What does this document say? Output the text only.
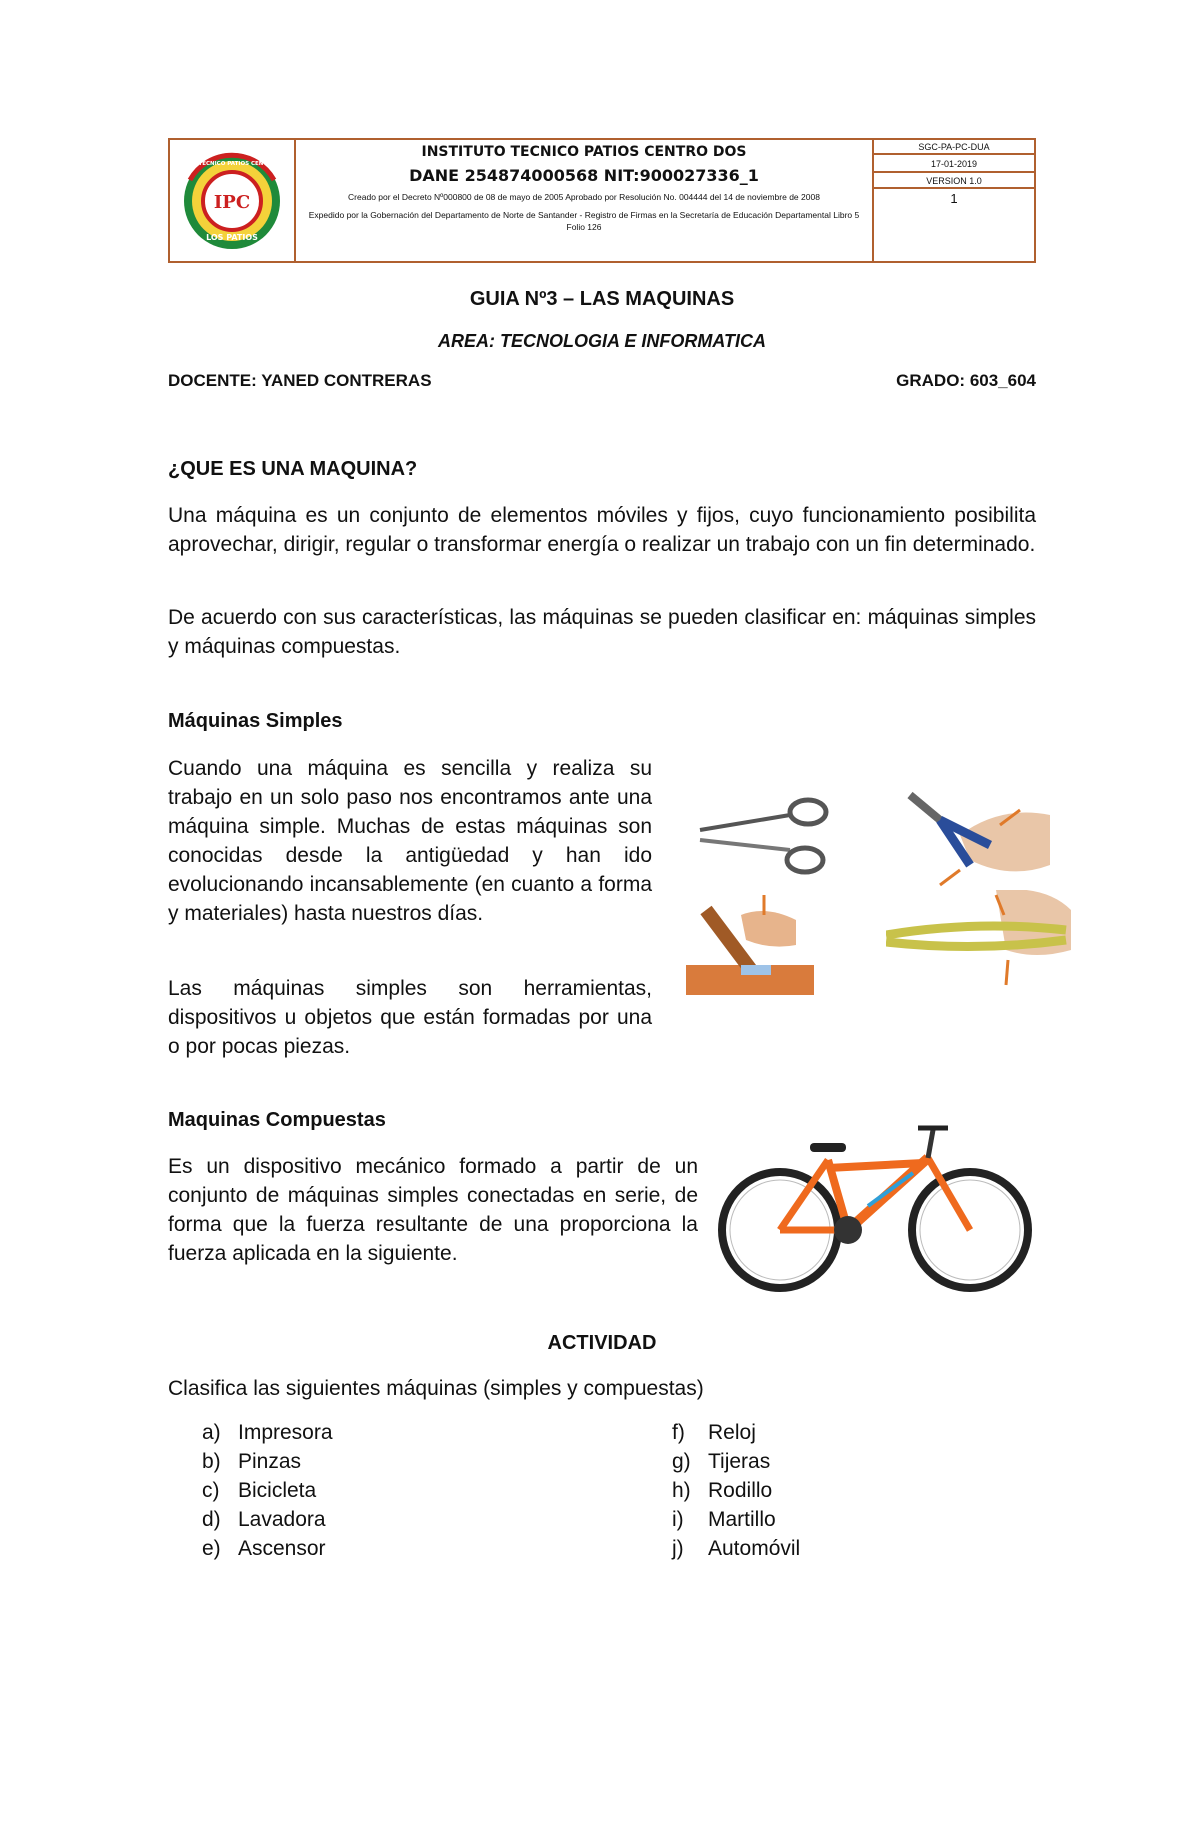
IPC
LOS PATIOS
INST TECNICO PATIOS CENTRO 2
INSTITUTO TECNICO PATIOS CENTRO DOS
DANE 254874000568 NIT:900027336_1
Creado por el Decreto Nº000800 de 08 de mayo de 2005 Aprobado por Resolución No. 004444 del 14 de noviembre de 2008
Expedido por la Gobernación del Departamento de Norte de Santander - Registro de Firmas en la Secretaría de Educación Departamental Libro 5 Folio 126
SGC-PA-PC-DUA
17-01-2019
VERSION 1.0
1
GUIA Nº3 – LAS MAQUINAS
AREA: TECNOLOGIA E INFORMATICA
DOCENTE: YANED CONTRERAS	GRADO: 603_604
¿QUE ES UNA MAQUINA?
Una máquina es un conjunto de elementos móviles y fijos, cuyo funcionamiento posibilita aprovechar, dirigir, regular o transformar energía o realizar un trabajo con un fin determinado.
De acuerdo con sus características, las máquinas se pueden clasificar en: máquinas simples y máquinas compuestas.
Máquinas Simples
Cuando una máquina es sencilla y realiza su trabajo en un solo paso nos encontramos ante una máquina simple. Muchas de estas máquinas son conocidas desde la antigüedad y han ido evolucionando incansablemente (en cuanto a forma y materiales) hasta nuestros días.
Las máquinas simples son herramientas, dispositivos u objetos que están formadas por una o por pocas piezas.
Maquinas Compuestas
Es un dispositivo mecánico formado a partir de un conjunto de máquinas simples conectadas en serie, de forma que la fuerza resultante de una proporciona la fuerza aplicada en la siguiente.
ACTIVIDAD
Clasifica las siguientes máquinas (simples y compuestas)
a) Impresora
b) Pinzas
c) Bicicleta
d) Lavadora
e) Ascensor
f)	Reloj
g) Tijeras
h) Rodillo
i)	Martillo
j)	Automóvil
